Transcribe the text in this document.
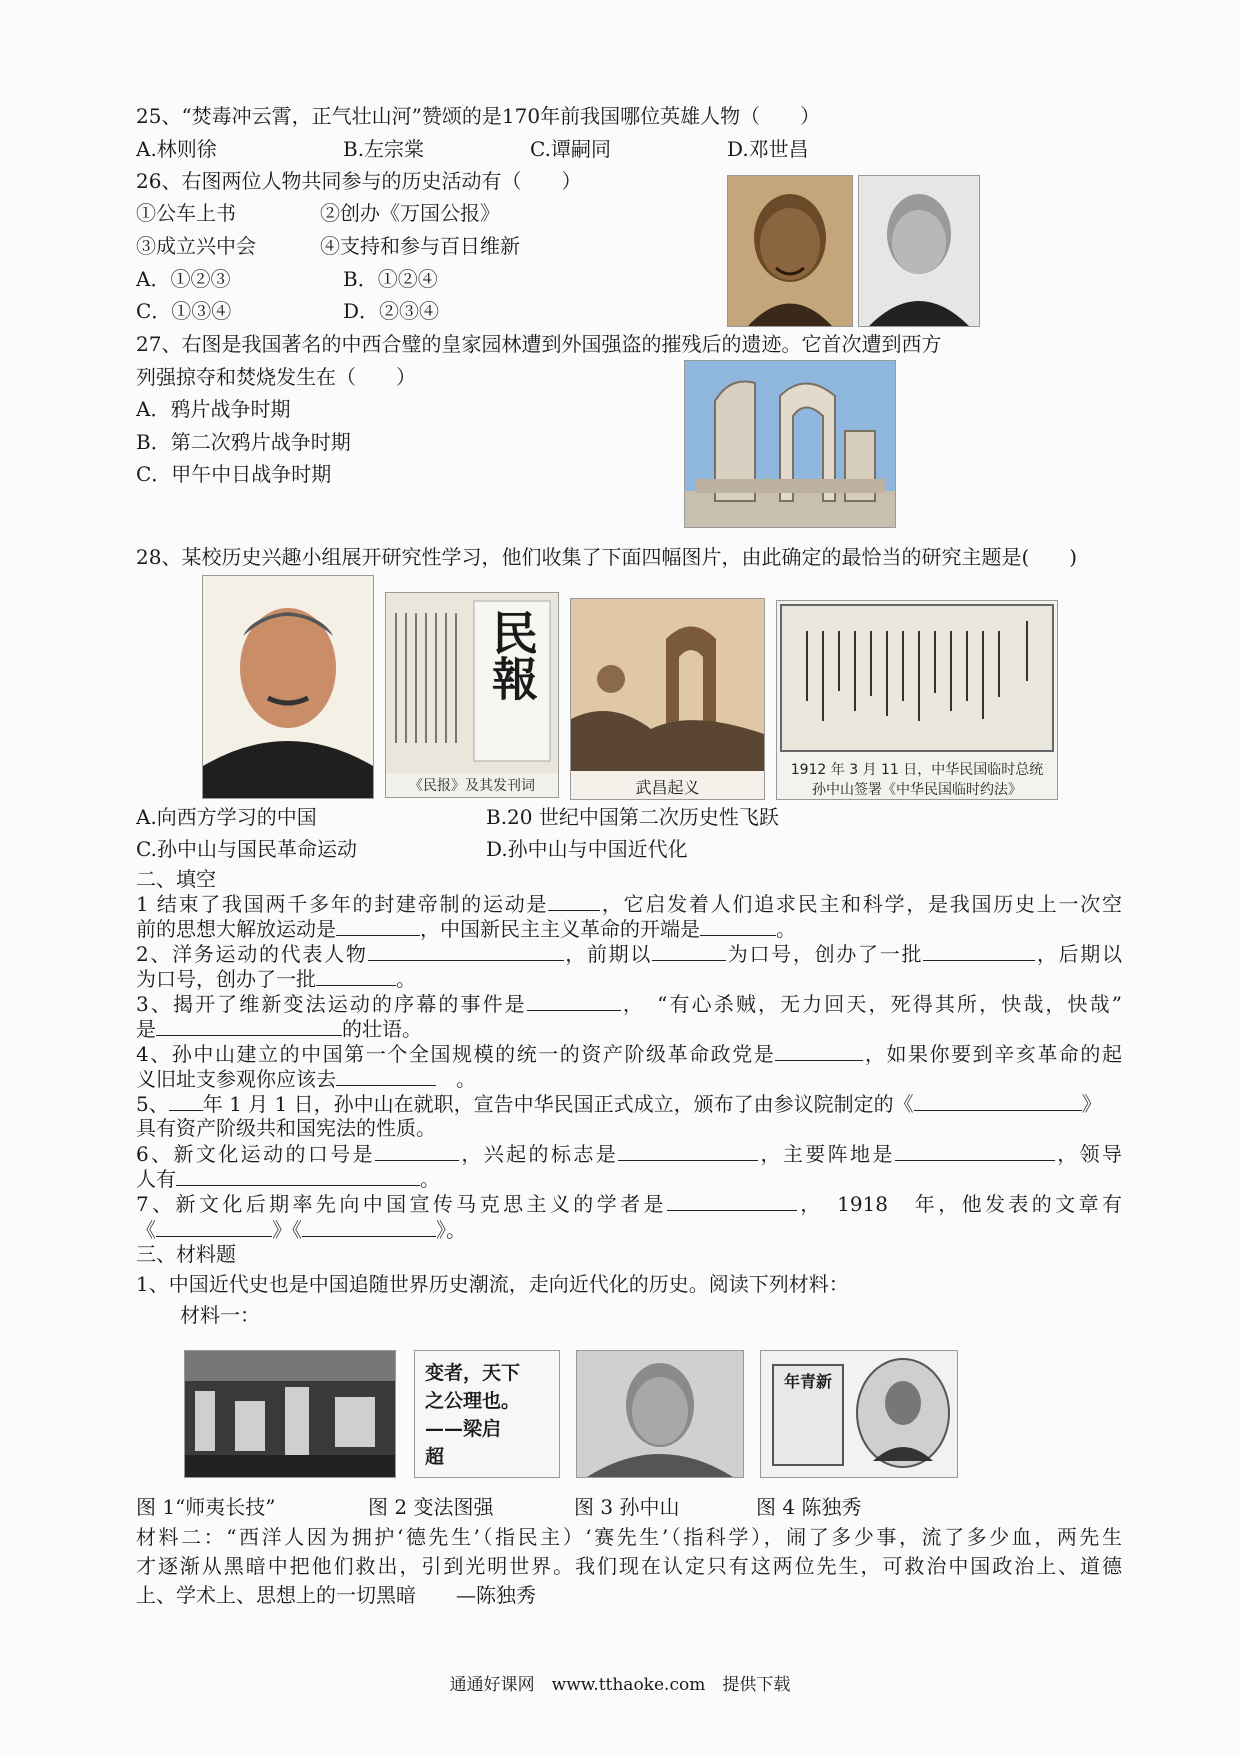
25、“焚毒冲云霄，正气壮山河”赞颂的是170年前我国哪位英雄人物（　　）
A.林则徐	B.左宗棠	C.谭嗣同	D.邓世昌
26、右图两位人物共同参与的历史活动有（　　）
①公车上书	②创办《万国公报》
③成立兴中会	④支持和参与百日维新
A．①②③	B．①②④
C．①③④	D．②③④
27、右图是我国著名的中西合璧的皇家园林遭到外国强盗的摧残后的遗迹。它首次遭到西方
列强掠夺和焚烧发生在（　　）
A．鸦片战争时期
B．第二次鸦片战争时期
C．甲午中日战争时期
28、某校历史兴趣小组展开研究性学习，他们收集了下面四幅图片，由此确定的最恰当的研究主题是(　　)
民報
《民报》及其发刊词	武昌起义
1912 年 3 月 11 日，中华民国临时总统
孙中山签署《中华民国临时约法》
A.向西方学习的中国	B.20 世纪中国第二次历史性飞跃
C.孙中山与国民革命运动	D.孙中山与中国近代化
二、填空
1 结束了我国两千多年的封建帝制的运动是	，它启发着人们追求民主和科学，是我国历史上一次空
前的思想大解放运动是	，中国新民主主义革命的开端是	。
2、洋务运动的代表人物	，前期以	为口号，创办了一批	，后期以
为口号，创办了一批	。
3、揭开了维新变法运动的序幕的事件是	，　“有心杀贼，无力回天，死得其所，快哉，快哉”
是	的壮语。
4、孙中山建立的中国第一个全国规模的统一的资产阶级革命政党是	，如果你要到辛亥革命的起
义旧址支参观你应该去	　。
5、 年 1 月 1 日，孙中山在就职，宣告中华民国正式成立，颁布了由参议院制定的《	》
具有资产阶级共和国宪法的性质。
6、新文化运动的口号是	，兴起的标志是	，主要阵地是	，领导
人有	。
7、新文化后期率先向中国宣传马克思主义的学者是	，　1918　年，他发表的文章有
《	》《	》。
三、材料题
1、中国近代史也是中国追随世界历史潮流，走向近代化的历史。阅读下列材料：
材料一：
变者，天下
之公理也。
——梁启
超
年青新
图 1“师夷长技”	图 2 变法图强	图 3 孙中山	图 4 陈独秀
材料二：“西洋人因为拥护‘德先生’（指民主）‘赛先生’（指科学），闹了多少事，流了多少血，两先生
才逐渐从黑暗中把他们救出，引到光明世界。我们现在认定只有这两位先生，可救治中国政治上、道德
上、学术上、思想上的一切黑暗　　—陈独秀
通通好课网　www.tthaoke.com　提供下载
